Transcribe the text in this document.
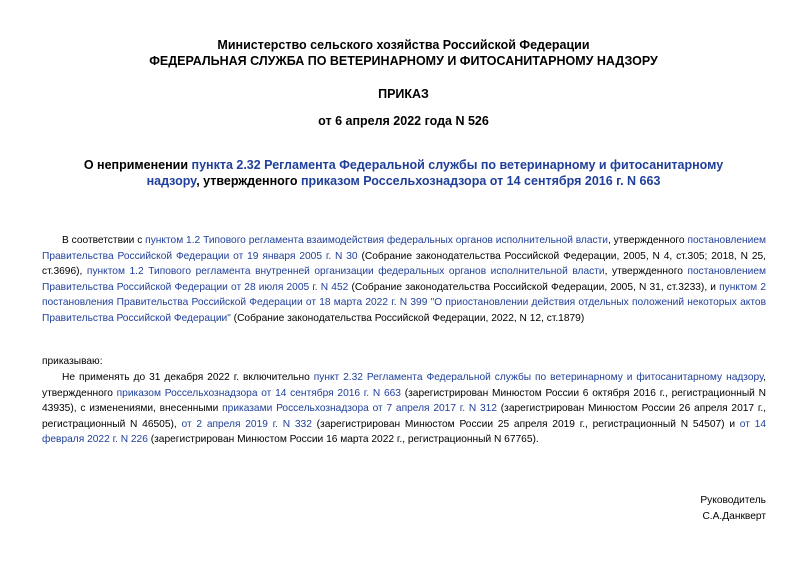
Министерство сельского хозяйства Российской Федерации
ФЕДЕРАЛЬНАЯ СЛУЖБА ПО ВЕТЕРИНАРНОМУ И ФИТОСАНИТАРНОМУ НАДЗОРУ
ПРИКАЗ
от 6 апреля 2022 года N 526
О неприменении пункта 2.32 Регламента Федеральной службы по ветеринарному и фитосанитарному надзору, утвержденного приказом Россельхознадзора от 14 сентября 2016 г. N 663
В соответствии с пунктом 1.2 Типового регламента взаимодействия федеральных органов исполнительной власти, утвержденного постановлением Правительства Российской Федерации от 19 января 2005 г. N 30 (Собрание законодательства Российской Федерации, 2005, N 4, ст.305; 2018, N 25, ст.3696), пунктом 1.2 Типового регламента внутренней организации федеральных органов исполнительной власти, утвержденного постановлением Правительства Российской Федерации от 28 июля 2005 г. N 452 (Собрание законодательства Российской Федерации, 2005, N 31, ст.3233), и пунктом 2 постановления Правительства Российской Федерации от 18 марта 2022 г. N 399 "О приостановлении действия отдельных положений некоторых актов Правительства Российской Федерации" (Собрание законодательства Российской Федерации, 2022, N 12, ст.1879)
приказываю:
Не применять до 31 декабря 2022 г. включительно пункт 2.32 Регламента Федеральной службы по ветеринарному и фитосанитарному надзору, утвержденного приказом Россельхознадзора от 14 сентября 2016 г. N 663 (зарегистрирован Минюстом России 6 октября 2016 г., регистрационный N 43935), с изменениями, внесенными приказами Россельхознадзора от 7 апреля 2017 г. N 312 (зарегистрирован Минюстом России 26 апреля 2017 г., регистрационный N 46505), от 2 апреля 2019 г. N 332 (зарегистрирован Минюстом России 25 апреля 2019 г., регистрационный N 54507) и от 14 февраля 2022 г. N 226 (зарегистрирован Минюстом России 16 марта 2022 г., регистрационный N 67765).
Руководитель
С.А.Данкверт
